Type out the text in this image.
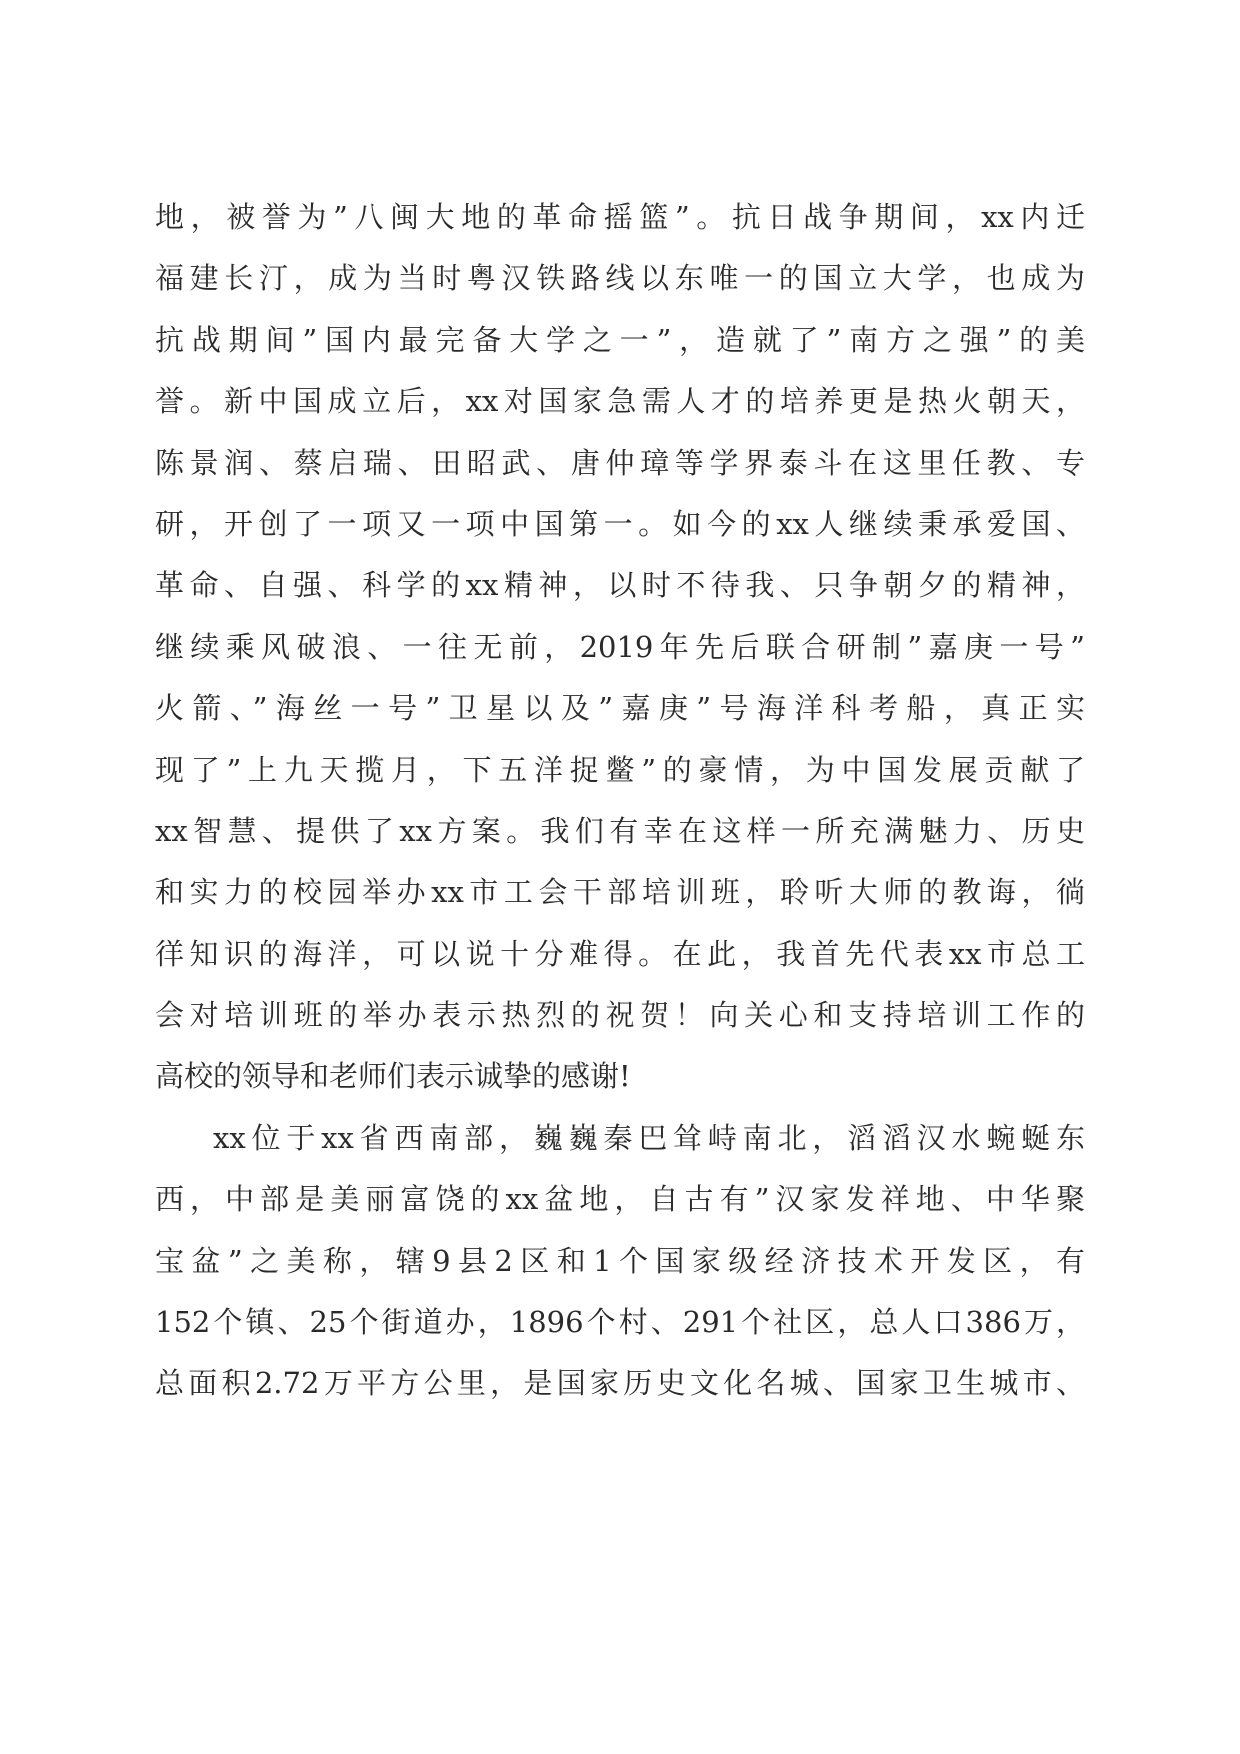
地，被誉为”八闽大地的革命摇篮”。抗日战争期间，xx内迁
福建长汀，成为当时粤汉铁路线以东唯一的国立大学，也成为
抗战期间”国内最完备大学之一”，造就了”南方之强”的美
誉。新中国成立后，xx对国家急需人才的培养更是热火朝天，
陈景润、蔡启瑞、田昭武、唐仲璋等学界泰斗在这里任教、专
研，开创了一项又一项中国第一。如今的xx人继续秉承爱国、
革命、自强、科学的xx精神，以时不待我、只争朝夕的精神，
继续乘风破浪、一往无前，2019年先后联合研制”嘉庚一号”
火箭、”海丝一号”卫星以及”嘉庚”号海洋科考船，真正实
现了”上九天揽月，下五洋捉鳖”的豪情，为中国发展贡献了
xx智慧、提供了xx方案。我们有幸在这样一所充满魅力、历史
和实力的校园举办xx市工会干部培训班，聆听大师的教诲，徜
徉知识的海洋，可以说十分难得。在此，我首先代表xx市总工
会对培训班的举办表示热烈的祝贺！向关心和支持培训工作的
高校的领导和老师们表示诚挚的感谢!
xx位于xx省西南部，巍巍秦巴耸峙南北，滔滔汉水蜿蜒东
西，中部是美丽富饶的xx盆地，自古有”汉家发祥地、中华聚
宝盆”之美称，辖9县2区和1个国家级经济技术开发区，有
152个镇、25个街道办，1896个村、291个社区，总人口386万，
总面积2.72万平方公里，是国家历史文化名城、国家卫生城市、
